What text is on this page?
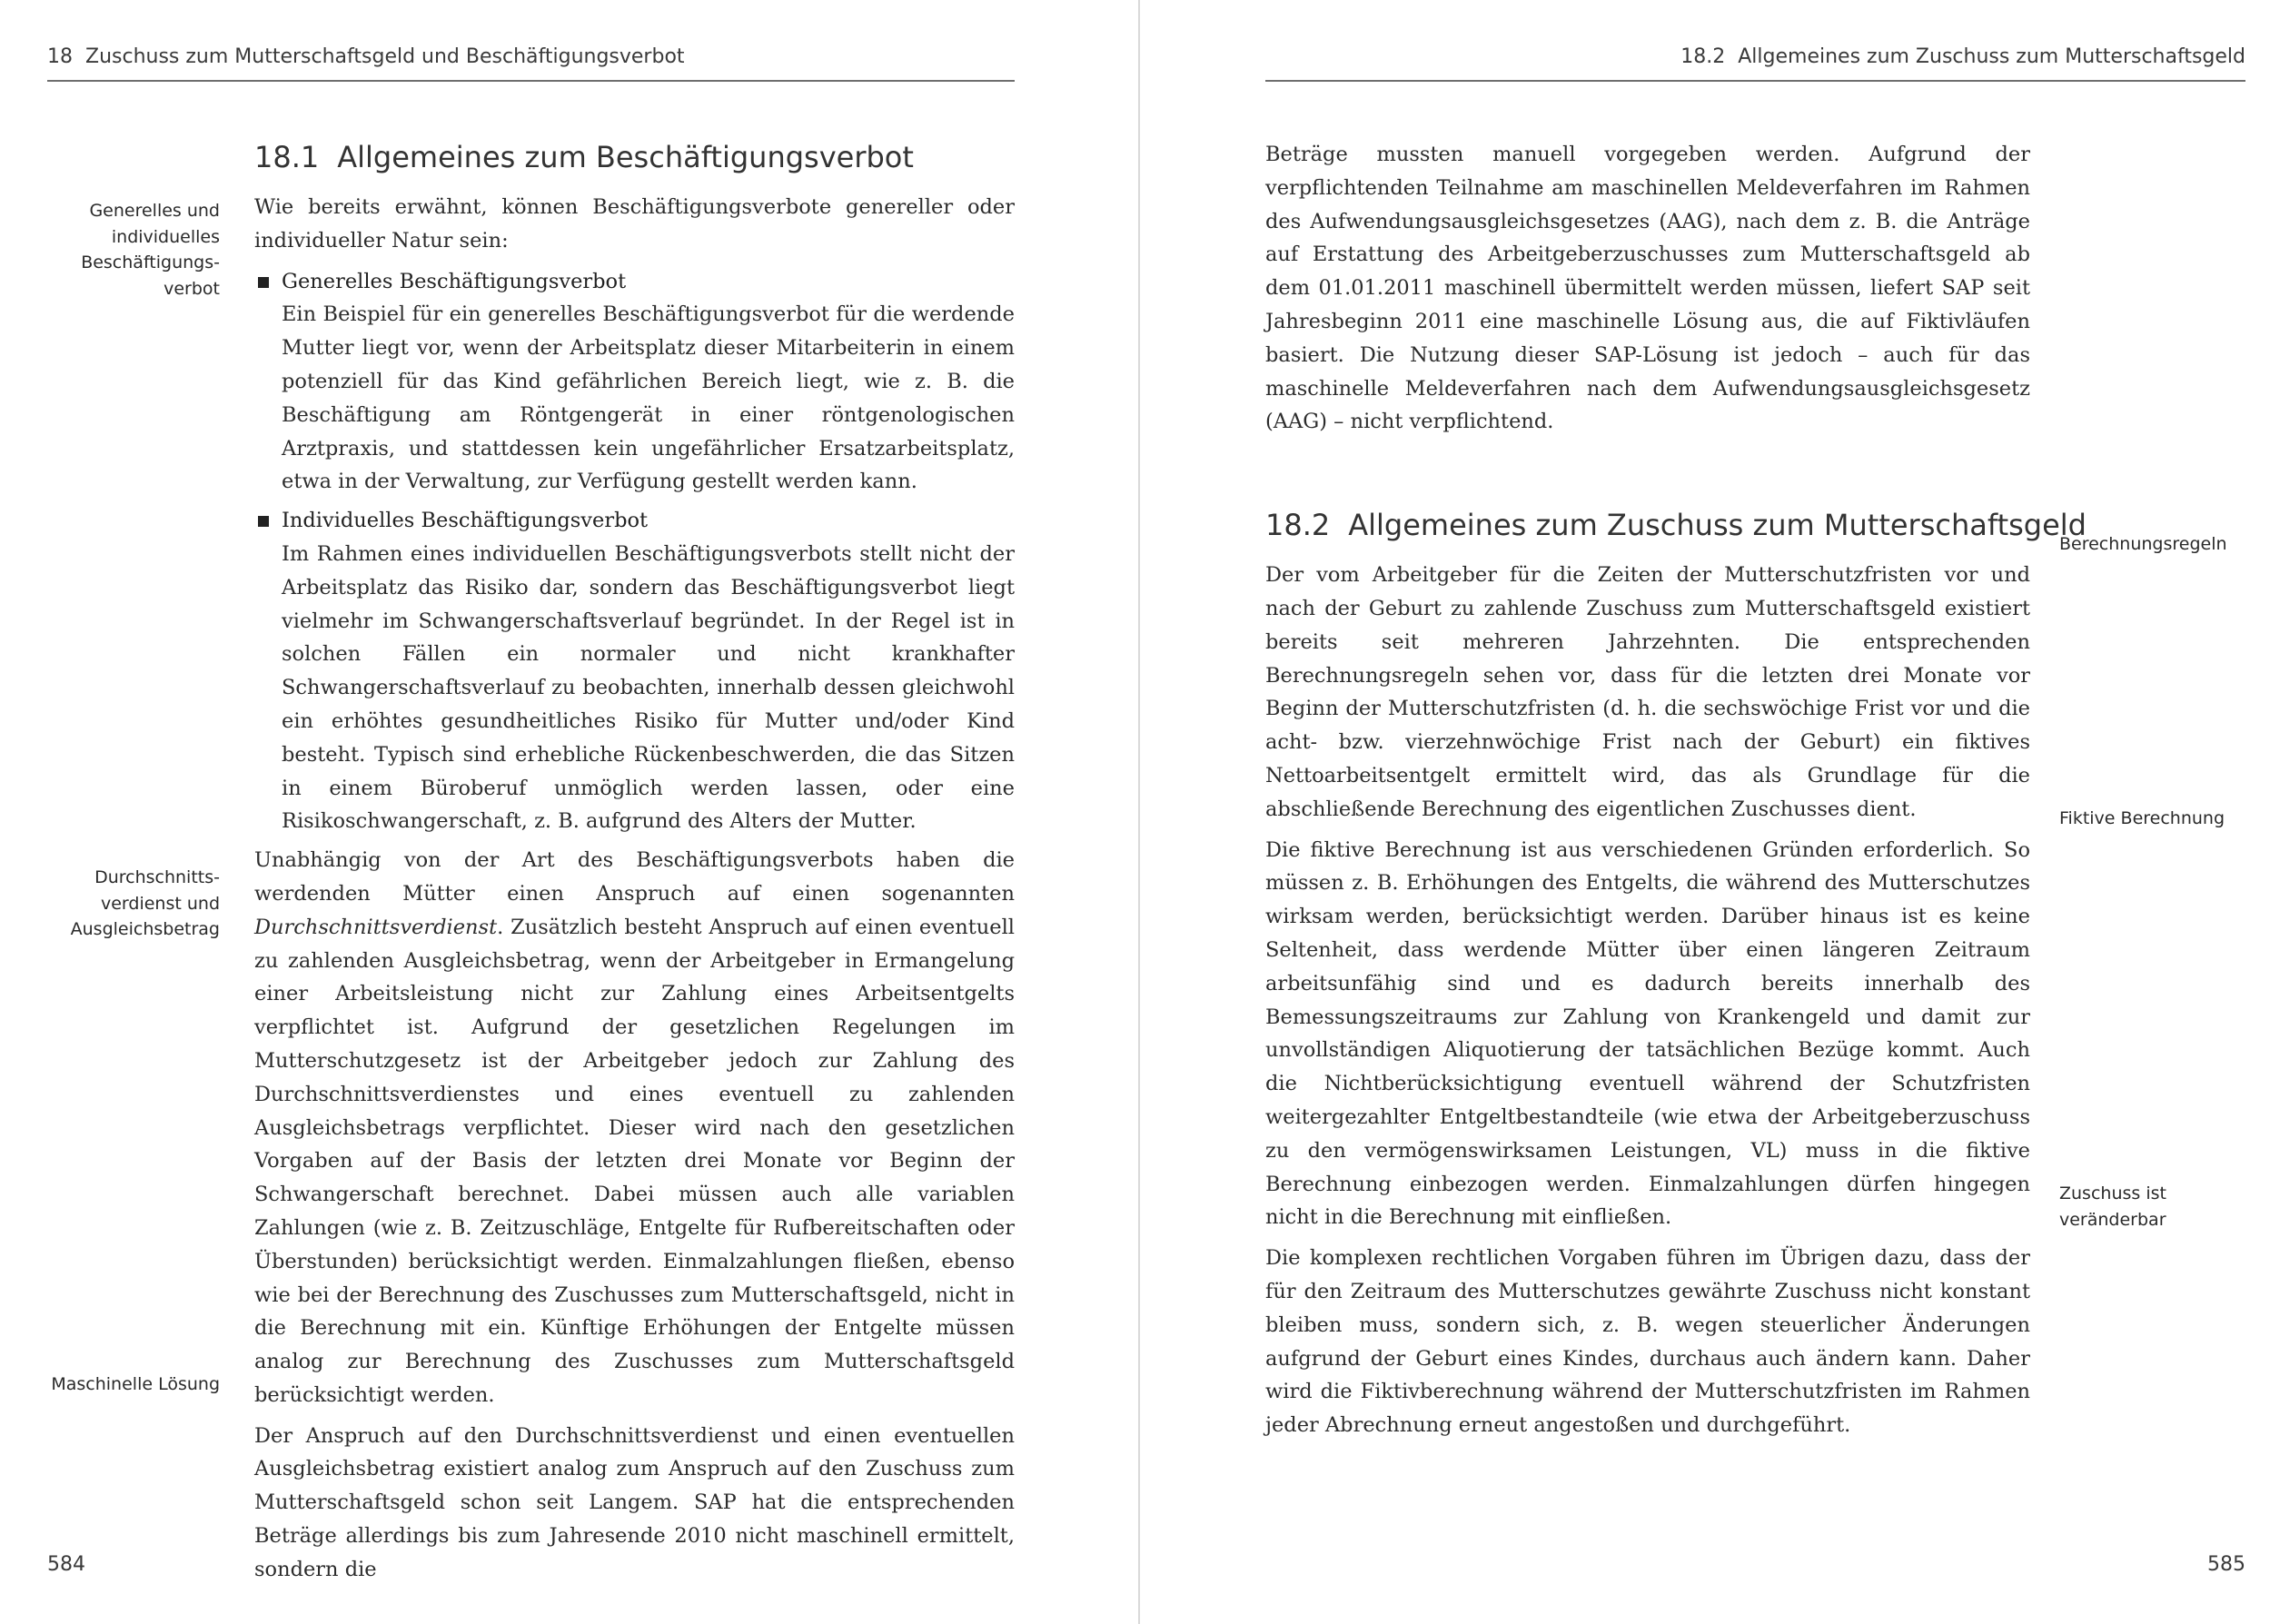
18 Zuschuss zum Mutterschaftsgeld und Beschäftigungsverbot
Generelles und individuelles Beschäftigungs-verbot
Durchschnitts-verdienst und Ausgleichsbetrag
Maschinelle Lösung
18.1 Allgemeines zum Beschäftigungsverbot

Wie bereits erwähnt, können Beschäftigungsverbote genereller oder individueller Natur sein:

Generelles Beschäftigungsverbot
Ein Beispiel für ein generelles Beschäftigungsverbot für die werdende Mutter liegt vor, wenn der Arbeitsplatz dieser Mitarbeiterin in einem potenziell für das Kind gefährlichen Bereich liegt, wie z. B. die Beschäftigung am Röntgengerät in einer röntgenologischen Arztpraxis, und stattdessen kein ungefährlicher Ersatzarbeitsplatz, etwa in der Verwaltung, zur Verfügung gestellt werden kann.
Individuelles Beschäftigungsverbot
Im Rahmen eines individuellen Beschäftigungsverbots stellt nicht der Arbeitsplatz das Risiko dar, sondern das Beschäftigungsverbot liegt vielmehr im Schwangerschaftsverlauf begründet. In der Regel ist in solchen Fällen ein normaler und nicht krankhafter Schwangerschaftsverlauf zu beobachten, innerhalb dessen gleichwohl ein erhöhtes gesundheitliches Risiko für Mutter und/oder Kind besteht. Typisch sind erhebliche Rückenbeschwerden, die das Sitzen in einem Büroberuf unmöglich werden lassen, oder eine Risikoschwangerschaft, z. B. aufgrund des Alters der Mutter.

Unabhängig von der Art des Beschäftigungsverbots haben die werdenden Mütter einen Anspruch auf einen sogenannten Durchschnittsverdienst. Zusätzlich besteht Anspruch auf einen eventuell zu zahlenden Ausgleichsbetrag, wenn der Arbeitgeber in Ermangelung einer Arbeitsleistung nicht zur Zahlung eines Arbeitsentgelts verpflichtet ist. Aufgrund der gesetzlichen Regelungen im Mutterschutzgesetz ist der Arbeitgeber jedoch zur Zahlung des Durchschnittsverdienstes und eines eventuell zu zahlenden Ausgleichsbetrags verpflichtet. Dieser wird nach den gesetzlichen Vorgaben auf der Basis der letzten drei Monate vor Beginn der Schwangerschaft berechnet. Dabei müssen auch alle variablen Zahlungen (wie z. B. Zeitzuschläge, Entgelte für Rufbereitschaften oder Überstunden) berücksichtigt werden. Einmalzahlungen fließen, ebenso wie bei der Berechnung des Zuschusses zum Mutterschaftsgeld, nicht in die Berechnung mit ein. Künftige Erhöhungen der Entgelte müssen analog zur Berechnung des Zuschusses zum Mutterschaftsgeld berücksichtigt werden.

Der Anspruch auf den Durchschnittsverdienst und einen eventuellen Ausgleichsbetrag existiert analog zum Anspruch auf den Zuschuss zum Mutterschaftsgeld schon seit Langem. SAP hat die entsprechenden Beträge allerdings bis zum Jahresende 2010 nicht maschinell ermittelt, sondern die

584
18.2 Allgemeines zum Zuschuss zum Mutterschaftsgeld
Berechnungsregeln
Fiktive Berechnung
Zuschuss ist veränderbar

Beträge mussten manuell vorgegeben werden. Aufgrund der verpflichtenden Teilnahme am maschinellen Meldeverfahren im Rahmen des Aufwendungsausgleichsgesetzes (AAG), nach dem z. B. die Anträge auf Erstattung des Arbeitgeberzuschusses zum Mutterschaftsgeld ab dem 01.01.2011 maschinell übermittelt werden müssen, liefert SAP seit Jahresbeginn 2011 eine maschinelle Lösung aus, die auf Fiktivläufen basiert. Die Nutzung dieser SAP-Lösung ist jedoch – auch für das maschinelle Meldeverfahren nach dem Aufwendungsausgleichsgesetz (AAG) – nicht verpflichtend.

18.2 Allgemeines zum Zuschuss zum Mutterschaftsgeld

Der vom Arbeitgeber für die Zeiten der Mutterschutzfristen vor und nach der Geburt zu zahlende Zuschuss zum Mutterschaftsgeld existiert bereits seit mehreren Jahrzehnten. Die entsprechenden Berechnungsregeln sehen vor, dass für die letzten drei Monate vor Beginn der Mutterschutzfristen (d. h. die sechswöchige Frist vor und die acht- bzw. vierzehnwöchige Frist nach der Geburt) ein fiktives Nettoarbeitsentgelt ermittelt wird, das als Grundlage für die abschließende Berechnung des eigentlichen Zuschusses dient.

Die fiktive Berechnung ist aus verschiedenen Gründen erforderlich. So müssen z. B. Erhöhungen des Entgelts, die während des Mutterschutzes wirksam werden, berücksichtigt werden. Darüber hinaus ist es keine Seltenheit, dass werdende Mütter über einen längeren Zeitraum arbeitsunfähig sind und es dadurch bereits innerhalb des Bemessungszeitraums zur Zahlung von Krankengeld und damit zur unvollständigen Aliquotierung der tatsächlichen Bezüge kommt. Auch die Nichtberücksichtigung eventuell während der Schutzfristen weitergezahlter Entgeltbestandteile (wie etwa der Arbeitgeberzuschuss zu den vermögenswirksamen Leistungen, VL) muss in die fiktive Berechnung einbezogen werden. Einmalzahlungen dürfen hingegen nicht in die Berechnung mit einfließen.

Die komplexen rechtlichen Vorgaben führen im Übrigen dazu, dass der für den Zeitraum des Mutterschutzes gewährte Zuschuss nicht konstant bleiben muss, sondern sich, z. B. wegen steuerlicher Änderungen aufgrund der Geburt eines Kindes, durchaus auch ändern kann. Daher wird die Fiktivberechnung während der Mutterschutzfristen im Rahmen jeder Abrechnung erneut angestoßen und durchgeführt.

585
